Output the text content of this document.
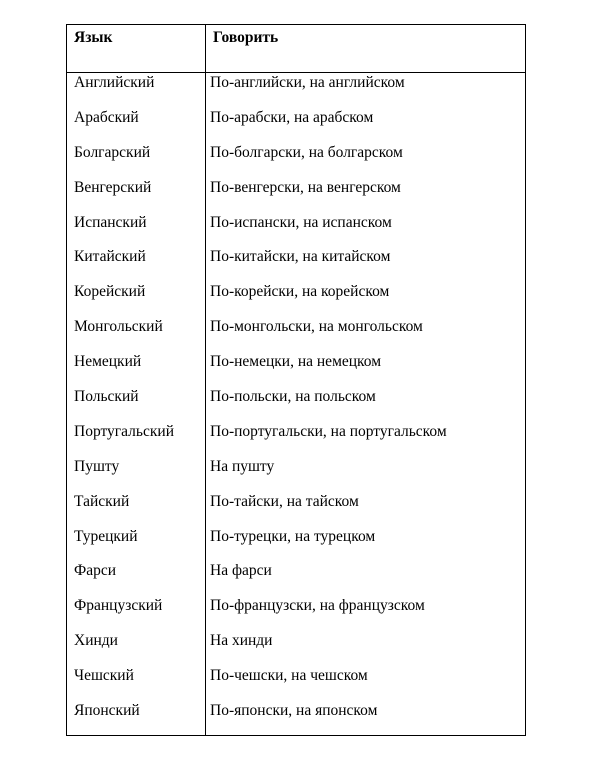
Язык	Говорить
Английский	По-английски, на английском
Арабский	По-арабски, на арабском
Болгарский	По-болгарски, на болгарском
Венгерский	По-венгерски, на венгерском
Испанский	По-испански, на испанском
Китайский	По-китайски, на китайском
Корейский	По-корейски, на корейском
Монгольский	По-монгольски, на монгольском
Немецкий	По-немецки, на немецком
Польский	По-польски, на польском
Португальский По-португальски, на португальском
Пушту	На пушту
Тайский	По-тайски, на тайском
Турецкий	По-турецки, на турецком
Фарси	На фарси
Французский	По-французски, на французском
Хинди	На хинди
Чешский	По-чешски, на чешском
Японский	По-японски, на японском
